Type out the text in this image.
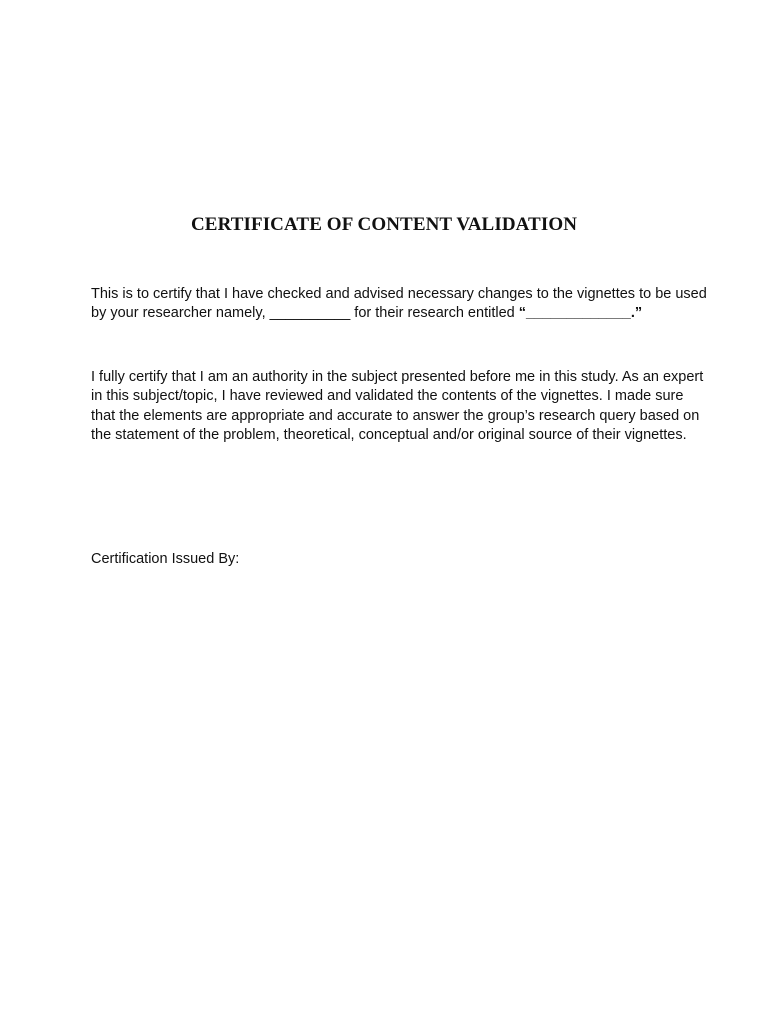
CERTIFICATE OF CONTENT VALIDATION
This is to certify that I have checked and advised necessary changes to the vignettes to be used
by your researcher namely, __________ for their research entitled “_____________.”
I fully certify that I am an authority in the subject presented before me in this study. As an expert
in this subject/topic, I have reviewed and validated the contents of the vignettes. I made sure
that the elements are appropriate and accurate to answer the group’s research query based on
the statement of the problem, theoretical, conceptual and/or original source of their vignettes.
Certification Issued By:
